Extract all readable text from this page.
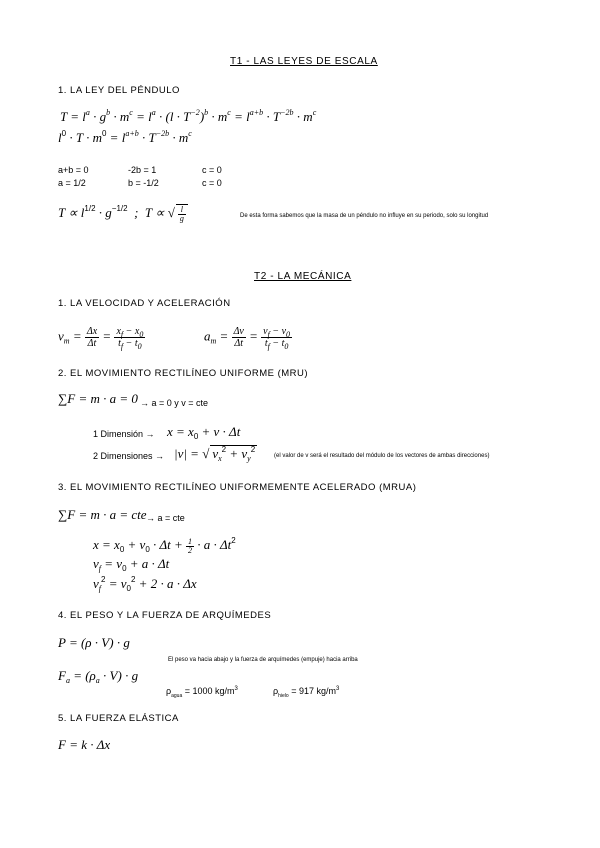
T1 - LAS LEYES DE ESCALA
1. LA LEY DEL PÉNDULO
$T = l^a \cdot g^b \cdot m^c = l^a \cdot (l \cdot T^{-2})^b \cdot m^c = l^{a+b} \cdot T^{-2b} \cdot m^c$
$l^0 \cdot T \cdot m^0 = l^{a+b} \cdot T^{-2b} \cdot m^c$
a+b = 0	-2b = 1	c = 0
a = 1/2	b = -1/2	c = 0
$T \propto l^{1/2} \cdot g^{-1/2}$  ;  T ∝ √ $\frac{l}{g}$	De esta forma sabemos que la masa de un péndulo no influye en su periodo, solo su longitud
T2 - LA MECÁNICA
1. LA VELOCIDAD Y ACELERACIÓN
$v_m = \frac{\Delta x}{\Delta t} = \frac{x_f - x_0}{t_f - t_0}$	$a_m = \frac{\Delta v}{\Delta t} = \frac{v_f - v_0}{t_f - t_0}$
2. EL MOVIMIENTO RECTILÍNEO UNIFORME (MRU)
∑F = m · a = 0 → a = 0 y v = cte
1 Dimensión → $x = x_0 + v \cdot \Delta t$
2 Dimensiones → |v| = √ $v_x^2 + v_y^2$
(el valor de v será el resultado del módulo de los vectores de ambas direcciones)
3. EL MOVIMIENTO RECTILÍNEO UNIFORMEMENTE ACELERADO (MRUA)
∑F = m · a = cte → a = cte
$x = x_0 + v_0 \cdot \Delta t + \frac{1}{2} \cdot a \cdot \Delta t^2$
$v_f = v_0 + a \cdot \Delta t$
$v_f^2 = v_0^2 + 2 \cdot a \cdot \Delta x$
4. EL PESO Y LA FUERZA DE ARQUÍMEDES
P = (ρ · V) · g
El peso va hacia abajo y la fuerza de arquímedes (empuje) hacia arriba
$F_a = (\rho_a \cdot V) \cdot g$
$\rho_{agua} = 1000$ $kg/m^3$	$\rho_{hielo} = 917$ $kg/m^3$
5. LA FUERZA ELÁSTICA
F = k · Δx
